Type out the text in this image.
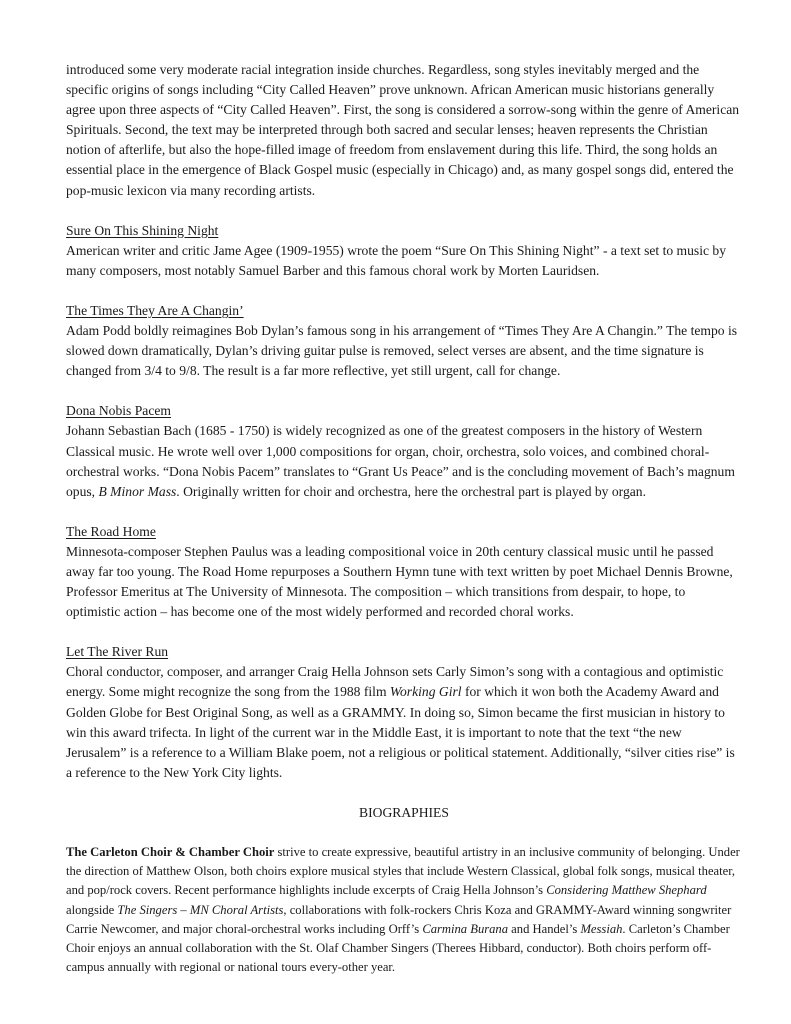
introduced some very moderate racial integration inside churches. Regardless, song styles inevitably merged and the specific origins of songs including “City Called Heaven” prove unknown. African American music historians generally agree upon three aspects of “City Called Heaven”. First, the song is considered a sorrow-song within the genre of American Spirituals. Second, the text may be interpreted through both sacred and secular lenses; heaven represents the Christian notion of afterlife, but also the hope-filled image of freedom from enslavement during this life. Third, the song holds an essential place in the emergence of Black Gospel music (especially in Chicago) and, as many gospel songs did, entered the pop-music lexicon via many recording artists.

Sure On This Shining Night

American writer and critic Jame Agee (1909-1955) wrote the poem “Sure On This Shining Night” - a text set to music by many composers, most notably Samuel Barber and this famous choral work by Morten Lauridsen.

The Times They Are A Changin’

Adam Podd boldly reimagines Bob Dylan’s famous song in his arrangement of “Times They Are A Changin.” The tempo is slowed down dramatically, Dylan’s driving guitar pulse is removed, select verses are absent, and the time signature is changed from 3/4 to 9/8. The result is a far more reflective, yet still urgent, call for change.

Dona Nobis Pacem

Johann Sebastian Bach (1685 - 1750) is widely recognized as one of the greatest composers in the history of Western Classical music. He wrote well over 1,000 compositions for organ, choir, orchestra, solo voices, and combined choral-orchestral works. “Dona Nobis Pacem” translates to “Grant Us Peace” and is the concluding movement of Bach’s magnum opus, B Minor Mass. Originally written for choir and orchestra, here the orchestral part is played by organ.

The Road Home

Minnesota-composer Stephen Paulus was a leading compositional voice in 20th century classical music until he passed away far too young. The Road Home repurposes a Southern Hymn tune with text written by poet Michael Dennis Browne, Professor Emeritus at The University of Minnesota. The composition – which transitions from despair, to hope, to optimistic action – has become one of the most widely performed and recorded choral works.

Let The River Run

Choral conductor, composer, and arranger Craig Hella Johnson sets Carly Simon’s song with a contagious and optimistic energy. Some might recognize the song from the 1988 film Working Girl for which it won both the Academy Award and Golden Globe for Best Original Song, as well as a GRAMMY. In doing so, Simon became the first musician in history to win this award trifecta. In light of the current war in the Middle East, it is important to note that the text “the new Jerusalem” is a reference to a William Blake poem, not a religious or political statement. Additionally, “silver cities rise” is a reference to the New York City lights.

BIOGRAPHIES

The Carleton Choir & Chamber Choir strive to create expressive, beautiful artistry in an inclusive community of belonging. Under the direction of Matthew Olson, both choirs explore musical styles that include Western Classical, global folk songs, musical theater, and pop/rock covers. Recent performance highlights include excerpts of Craig Hella Johnson’s Considering Matthew Shephard alongside The Singers – MN Choral Artists, collaborations with folk-rockers Chris Koza and GRAMMY-Award winning songwriter Carrie Newcomer, and major choral-orchestral works including Orff’s Carmina Burana and Handel’s Messiah. Carleton’s Chamber Choir enjoys an annual collaboration with the St. Olaf Chamber Singers (Therees Hibbard, conductor). Both choirs perform off-campus annually with regional or national tours every-other year.
